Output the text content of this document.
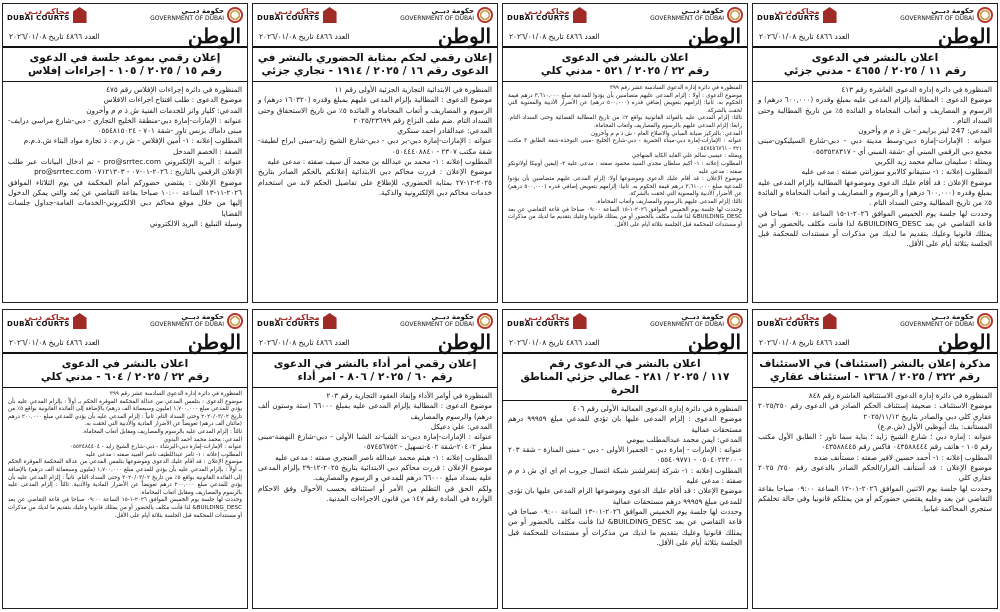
محاكم دبـي
DUBAI COURTS
حكومة دبــي
GOVERNMENT OF DUBAI
الوطن
العدد ٤٨٦٦ تاريخ ٢٠٢٦/٠١/٠٨
اعلان بالنشر في الدعوى
رقم ١١ / ٢٠٢٥ / ٤٦٥٥ - مدني جزئي

المنظورة في دائرة إدارة الدعوى العاشرة رقم ٤١٣

موضوع الدعوى : المطالبة بإلزام المدعى عليه بمبلغ وقدره (٦٠٠,٠٠٠ درهم) و الرسوم و المصاريف و أتعاب المحاماة و الفائدة ٥٪ من تاريخ المطالبة وحتى السداد التام .

المدعي: 247 ليتر برايمر - ش ذ م م وأخرون

عنوانه : الإمارات-إمارة دبي-وسط مدينة دبي - دبي-شارع السيليكون-مبنى مجمع دبي الرقمي المبني أي -شقة المبني أي - ٠٥٥٣٥٢٨٣١٧

ويمثله : سليمان سالم محمد زيد الكربي

المطلوب إعلانه : ١- ستيفانو كالابرو سوزانتي صفته : مدعى عليه

موضوع الإعلان : قد أقام عليك الدعوى وموضوعها المطالبة بإلزام المدعى عليه بمبلغ وقدره (٦٠٠,٠٠٠ درهم) و الرسوم و المصاريف و أتعاب المحاماة و الفائدة ٥٪ من تاريخ المطالبة وحتى السداد التام .

وحددت لها جلسة يوم الخميس الموافق ٢٠٢٦-١-١٥ الساعة ٠٩:٠٠ صباحا في قاعة التقاضي عن بعد BUILDING_DESC& لذا فأنت مكلف بالحضور أو من يمثلك قانونيا وعليك بتقديم ما لديك من مذكرات أو مستندات للمحكمة قبل الجلسة بثلاثة أيام على الأقل.

محاكم دبـي
DUBAI COURTS
حكومة دبــي
GOVERNMENT OF DUBAI
الوطن
العدد ٤٨٦٦ تاريخ ٢٠٢٦/٠١/٠٨
اعلان بالنشر في الدعوى
رقم ٢٢ / ٢٠٢٥ / ٥٢١ - مدني كلي

المنظورة في دائرة إدارة الدعوى السادسة عشر رقم ٣٩٩

موضوع الدعوى : أولا : إلزام المدعى عليهم متضامنين بأن يؤدوا للمدعية مبلغ ٣,٦١٠,٠٠٠ درهم قيمة الحكوم به. ثانيا: إلزامهم بتعويض إضافي قدره (٥٠٠,٠٠٠ درهم) عن الأضرار الأدبية والمعنوية التي لحقت بالشركة.

ثالثا: إلزام المدعى عليه بالفوائد القانونية بواقع ٢٪ من تاريخ المطالبة القضائية وحتى السداد التام. رابعا: إلزام المدعى عليهم بالرسوم والمصاريف وأتعاب المحاماة.

المدعي: بالتركيز صيانة المباني والاصلاح العام - ش ذ م م وأخرون

عنوانه : الإمارات-إمارة دبي-ميناء الحمرية - دبي-شارع الخليج -مبنى النوخذة-شقة الطابق ٣ مكتب ٣٢١ - ٠٥٤٧٤٥٦٧٦١

ويمثله : عيسى سالم علي القايد الكايد المنهاجي

المطلوب إعلانه : ١- أكيم سلطان مجدي السيد محمود صفته : مدعى عليه ٢- إليفين أوبيكا أولاتونكو صفته : مدعى عليه

موضوع الإعلان : قد أقام عليك الدعوى وموضوعها أولا: إلزام المدعى عليهم متضامنين بأن يؤدوا للمدعية مبلغ ٣,٦١٠,٠٠٠ درهم قيمة الحكوم به. ثانيا: إلزامهم بتعويض إضافي قدره (٥٠٠,٠٠٠ درهم) عن الأضرار الأدبية والمعنوية التي لحقت بالشركة.

ثالثا: إلزام المدعى عليهم بالرسوم والمصاريف وأتعاب المحاماة.

وحددت لها جلسة يوم الخميس الموافق ٢٠٢٦-١-١٥ الساعة ٠٩:٠٠ صباحا في قاعة التقاضي عن بعد BUILDING_DESC& لذا فأنت مكلف بالحضور أو من يمثلك قانونيا وعليك بتقديم ما لديك من مذكرات أو مستندات للمحكمة قبل الجلسة بثلاثة أيام على الأقل.

محاكم دبـي
DUBAI COURTS
حكومة دبــي
GOVERNMENT OF DUBAI
الوطن
العدد ٤٨٦٦ تاريخ ٢٠٢٦/٠١/٠٨
إعلان رقمي لحكم بمثابة الحضوري بالنشر في
الدعوى رقم ١٦ / ٢٠٢٥ / ١٩١٤ - تجاري جزئي

المنظورة في الابتدائية التجارية الجزئية الأولى رقم ١١

موضوع الدعوى : المطالبة بإلزام المدعى عليهم بمبلغ وقدره (١٦٠٣٢٠ درهم) و الرسوم و المصاريف و أتعاب المحاماة و الفائدة ٥٪ من تاريخ الاستحقاق وحتى السداد التام .ضم ملف النزاع رقم ٢٠٢٥/٢٣٦٩٩

المدعي: عبدالقادر احمد سنكري

عنوانه : الإمارات-إمارة دبي-بر دبي - دبي-شارع الشيخ زايد-مبنى ابراج لطيفة-شقة مكتب ٢٣٠٧ - ٠٥٠٤٤٤٠٨٨٤٠

المطلوب إعلانه : ١- محمد بن عبدالله بن محمد آل سيف صفته : مدعى عليه

موضوع الإعلان : قررت محاكم دبي الابتدائية إعلانكم بالحكم الصادر بتاريخ ٢٠٢٥-١٢-٢٧ بمثابة الحضوري، للإطلاع على تفاصيل الحكم لابد من استخدام خدمات محاكم دبي الإلكترونية والذكية.

محاكم دبـي
DUBAI COURTS
حكومة دبــي
GOVERNMENT OF DUBAI
الوطن
العدد ٤٨٦٦ تاريخ ٢٠٢٦/٠١/٠٨
إعلان رقمي بموعد جلسة في الدعوى
رقم ١٥ / ٢٠٢٥ / ١٠٥ - إجراءات إفلاس

المنظورة في دائرة إجراءات الإفلاس رقم ٤٧٥

موضوع الدعوى : طلب افتتاح اجراءات الافلاس

المدعي: كليار واتر للخدمات الفنية ش ذ م م وأخرون

عنوانه : الإمارات-إمارة دبي-منطقة الخليج التجاري - دبي-شارع مراسي درايف-مبنى داماك بزنس تاور -شقة ٧٠١ - ٠٥٥٤٨١٥٠٢٤

المطلوب إعلانه : ١- أمين الإفلاس - ش ر.م . ذ تجارة مواد البناء ش.ذ.م.م

الصفة : الخصم المدخل

عنوانه : البريد الإلكتروني pro@srrtec.com - تم ادخال البيانات عبر طلب الإعلان الرقمي بالتاريخ : ٢٠٢٦-٠١-٠٧ - ٠٧١٢١٣٠٣ pro@srrtec.com

موضوع الإعلان : يقتضي حضوركم أمام المحكمة في يوم الثلاثاء الموافق ٢٠٢٦-١١-١٣ الساعة ١٠:٠٠ صباحا بقاعة التقاضي عن بُعد والتي يمكن الدخول إليها من خلال موقع محاكم دبي الالكتروني-الخدمات العامة-جداول جلسات القضايا

وسيلة التبليغ : البريد الالكتروني

محاكم دبـي
DUBAI COURTS
حكومة دبــي
GOVERNMENT OF DUBAI
الوطن
العدد ٤٨٦٦ تاريخ ٢٠٢٦/٠١/٠٨
مذكرة إعلان بالنشر (استئناف) في الاستئناف
رقم ٣٢٢ / ٢٠٢٥ / ١٣٦٨ - استئناف عقاري

المنظورة في دائرة إدارة الدعوى الاستئنافية العاشرة رقم ٨٤٨

موضوع الاستئناف : صحيفة إستئناف الحكم الصادر في الدعوى رقم ٢٠٢٥/٢٥٠ عقاري كلي دبي والصادر بتاريخ ٢٠٢٥/١١/١٢

المستأنف: بنك أبوظبي الأول (ش.م.ع)

عنوانه : إمارة دبي ؛ شارع الشيخ زايد ؛ بناية سما تاور ؛ الطابق الأول مكتب رقم ١٠٥ - هاتف رقم ٠٤٣٥٨٨٤٤٤ فاكس رقم ٠٤٣٥٨٨٤٤٥

المطلوب إعلانه : ١- أحمد حسين لافير صفته : مستأنف ضده

موضوع الإعلان : قد أستأنف القرار/الحكم الصادر بالدعوى رقم ٢٥٠/ ٢٠٢٥ عقاري كلي

وحددت لها جلسة يوم الاثنين الموافق ٢٠٢٦-٠١-١٢ الساعة ٠٩:٠٠ صباحا بقاعة التقاضي عن بعد وعليه يقتضي حضوركم أو من يمثلكم قانونيا وفي حالة تخلفكم ستجري المحاكمة غيابيا.

محاكم دبـي
DUBAI COURTS
حكومة دبــي
GOVERNMENT OF DUBAI
الوطن
العدد ٤٨٦٦ تاريخ ٢٠٢٦/٠١/٠٨
اعلان بالنشر في الدعوى رقم
١١٧ / ٢٠٢٥ / ٢٨١ - عمالي جزئي المناطق الحرة

المنظورة في دائرة إدارة الدعوى العمالية الأولى رقم ٤٠٦

موضوع الدعوى : إلزام المدعى عليها بان تؤدي للمدعي مبلغ ٩٩٩٥٩ درهم مستحقات عمالية

المدعي: ايمن محمد عبدالمطلب بيومي

عنوانه : الإمارات - إمارة دبي - الجميرا الأولى - دبي - مبنى المنارة - شقة ٢٠٣ - ٠٥٠٤٠٢٢٢٠٠ - ٠٥٥٤٠٩٧٧١

المطلوب إعلانه : ١- شركة إنتغرلشنز شبكة انتصال جروب ام اي اي ش ذ م م صفته : مدعى عليه

موضوع الإعلان : قد أقام عليك الدعوى وموضوعها الزام المدعى عليها بان تؤدي للمدعي مبلغ ٩٩٩٥٩ درهم مستحقات عمالية

وحددت لها جلسة يوم الخميس الموافق ٢٠٢٦-٠١-١٣ الساعة ٠٩:٠٠ صباحا في قاعة التقاضي عن بعد BUILDING_DESC& لذا فأنت مكلف بالحضور أو من يمثلك قانونيا وعليك بتقديم ما لديك من مذكرات أو مستندات للمحكمة قبل الجلسة بثلاثة أيام على الأقل.

محاكم دبـي
DUBAI COURTS
حكومة دبــي
GOVERNMENT OF DUBAI
الوطن
العدد ٤٨٦٦ تاريخ ٢٠٢٦/٠١/٠٨
إعلان رقمي أمر أداء بالنشر في الدعوى
رقم ٦٠ / ٢٠٢٥ / ٨٠٦ - امر أداء

المنظورة في أوامر الأداء وإنفاذ العقود التجارية رقم ٢٠٣

موضوع الدعوى : المطالبة بإلزام المدعى عليه بمبلغ ٦٦٠٠٠ (ستة وستون ألف درهم) والرسوم والمصاريف

المدعي: علي دعيكل

عنوانه : الإمارات-إمارة دبي-ند الشبا-ند الشبا الأولى - دبي-شارع النهضة-مبنى مطر ٢٠٤٠٢-شقة ٤٠٢-تسهيل - ٠٥٧٤٥٦٧٥٢

المطلوب إعلانه : ١- هيثم محمد عبدالله ناصر العنجري صفته : مدعى عليه

موضوع الإعلان : قررت محاكم دبي الابتدائية بتاريخ ٢٠٢٥-١٢-٢٩ بإلزام المدعى عليه بسداد مبلغ ٦٦٠٠٠ درهم للمدعي و الرسوم والمصاريف.

ولكم الحق في التظلم من الأمر أو استئنافه بحسب الأحوال وفق الاحكام الواردة في المادة رقم ١٤٧ من قانون الاجراءات المدنية.

محاكم دبـي
DUBAI COURTS
حكومة دبــي
GOVERNMENT OF DUBAI
الوطن
العدد ٤٨٦٦ تاريخ ٢٠٢٦/٠١/٠٨
اعلان بالنشر في الدعوى
رقم ٢٢ / ٢٠٢٥ / ٦٠٤ - مدني كلي

المنظورة في دائرة إدارة الدعوى السادسة عشر رقم ٣٩٩

موضوع الدعوى : بتلمس المدعي من عدالة المحكمة الموقرة الحكم بـ أولاً : بإلزام المدعي عليه بأن يؤدي للمدعي مبلغ ١,٧٠٠,٠٠٠ (مليون وسبعمائة ألف درهم) بالإضافة إلى الفائدة القانونية بواقع ٥٪ من تاريخ ٢٠٢٠/٠٣/٠٢ وحتى السداد التام. ثانياً : إلزام المدعي عليه بأن يؤدي للمدعي مبلغ ٢٠٠,٠٠٠ درهم (مائتان ألف درهم) تعويضاً عن الأضرار المادية والأدبية التي لحقت به.

ثالثاً : إلزام المدعى عليه بالرسوم والمصاريف ومقابل أتعاب المحاماة.

المدعي: محمد محمد أحمد البدوي

عنوانه : الإمارات-إمارة دبي-البرشاء - دبي-شارع الشيخ زايد - ٠٥٥٢٤٨٤٤٠٤

المطلوب إعلانه : ١- ثامر عبداللطيف ناصر العبيد صفته : مدعى عليه

موضوع الإعلان : قد أقام عليك الدعوى وموضوعها بتلمس المدعي من عدالة المحكمة الموقرة الحكم بـ أولاً : بإلزام المدعي عليه بأن يؤدي للمدعي مبلغ ١,٧٠٠,٠٠٠ (مليون وسبعمائة ألف درهم) بالإضافة إلى الفائدة القانونية بواقع ٥٪ من تاريخ ٢٠٢٠/٠٣/٠٢ وحتى السداد التام. ثانياً : إلزام المدعي عليه بأن يؤدي للمدعي مبلغ ٢٠٠,٠٠٠ درهم تعويضاً عن الأضرار المادية والأدبية. ثالثاً : إلزام المدعى عليه بالرسوم والمصاريف ومقابل أتعاب المحاماة.

وحددت لها جلسة يوم الخميس الموافق ٢٠٢٦-١-١٥ الساعة ٠٩:٠٠ صباحا في قاعة التقاضي عن بعد BUILDING_DESC& لذا فأنت مكلف بالحضور أو من يمثلك قانونيا وعليك بتقديم ما لديك من مذكرات أو مستندات للمحكمة قبل الجلسة بثلاثة أيام على الأقل.
